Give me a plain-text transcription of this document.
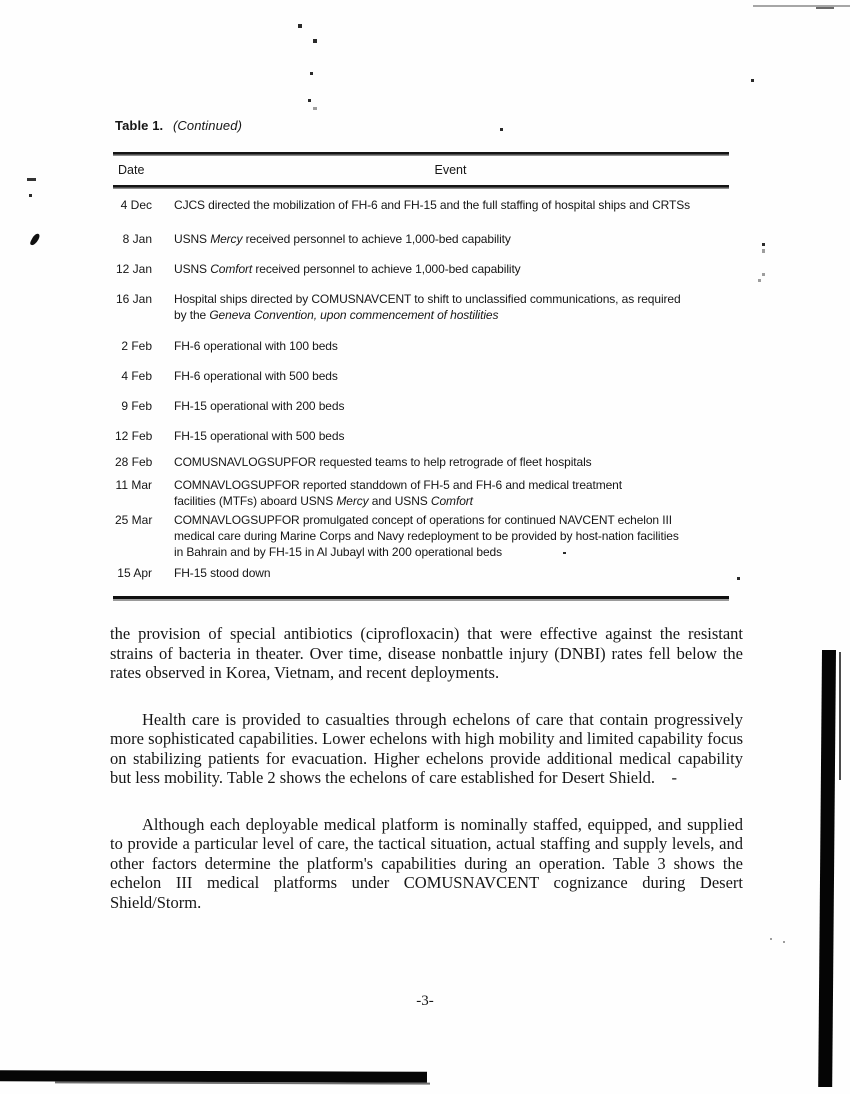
Table 1. (Continued)
Date	Event
4 Dec CJCS directed the mobilization of FH-6 and FH-15 and the full staffing of hospital ships and CRTSs
8 Jan USNS Mercy received personnel to achieve 1,000-bed capability
12 Jan USNS Comfort received personnel to achieve 1,000-bed capability
16 Jan Hospital ships directed by COMUSNAVCENT to shift to unclassified communications, as required
by the Geneva Convention, upon commencement of hostilities
2 Feb FH-6 operational with 100 beds
4 Feb FH-6 operational with 500 beds
9 Feb FH-15 operational with 200 beds
12 Feb FH-15 operational with 500 beds
28 Feb COMUSNAVLOGSUPFOR requested teams to help retrograde of fleet hospitals
11 Mar COMNAVLOGSUPFOR reported standdown of FH-5 and FH-6 and medical treatment
facilities (MTFs) aboard USNS Mercy and USNS Comfort
25 Mar COMNAVLOGSUPFOR promulgated concept of operations for continued NAVCENT echelon III
medical care during Marine Corps and Navy redeployment to be provided by host-nation facilities
in Bahrain and by FH-15 in Al Jubayl with 200 operational beds
15 Apr FH-15 stood down

the provision of special antibiotics (ciprofloxacin) that were effective against the resistant strains of bacteria in theater. Over time, disease nonbattle injury (DNBI) rates fell below the rates observed in Korea, Vietnam, and recent deployments.

Health care is provided to casualties through echelons of care that contain progressively more sophisticated capabilities. Lower echelons with high mobility and limited capability focus on stabilizing patients for evacuation. Higher echelons provide additional medical capability but less mobility. Table 2 shows the echelons of care established for Desert Shield.    -

Although each deployable medical platform is nominally staffed, equipped, and supplied to provide a particular level of care, the tactical situation, actual staffing and supply levels, and other factors determine the platform's capabilities during an operation. Table 3 shows the echelon III medical platforms under COMUSNAVCENT cognizance during Desert Shield/Storm.

-3-
